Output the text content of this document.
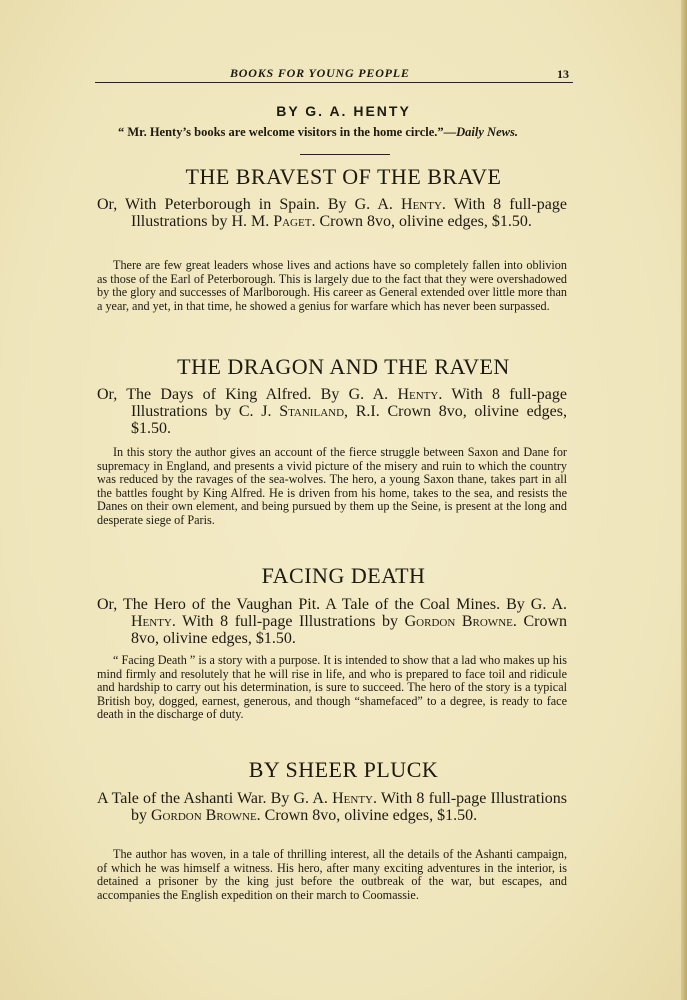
BOOKS FOR YOUNG PEOPLE	13
BY G. A. HENTY
“ Mr. Henty’s books are welcome visitors in the home circle.”—Daily News.
THE BRAVEST OF THE BRAVE
Or, With Peterborough in Spain. By G. A. Henty. With 8 full-page Illustrations by H. M. Paget. Crown 8vo, olivine edges, $1.50.
There are few great leaders whose lives and actions have so completely fallen into oblivion as those of the Earl of Peterborough. This is largely due to the fact that they were overshadowed by the glory and successes of Marlborough. His career as General extended over little more than a year, and yet, in that time, he showed a genius for warfare which has never been surpassed.
THE DRAGON AND THE RAVEN
Or, The Days of King Alfred. By G. A. Henty. With 8 full-page Illustrations by C. J. Staniland, R.I. Crown 8vo, olivine edges, $1.50.
In this story the author gives an account of the fierce struggle between Saxon and Dane for supremacy in England, and presents a vivid picture of the misery and ruin to which the country was reduced by the ravages of the sea-wolves. The hero, a young Saxon thane, takes part in all the battles fought by King Alfred. He is driven from his home, takes to the sea, and resists the Danes on their own element, and being pursued by them up the Seine, is present at the long and desperate siege of Paris.
FACING DEATH
Or, The Hero of the Vaughan Pit. A Tale of the Coal Mines. By G. A. Henty. With 8 full-page Illustrations by Gordon Browne. Crown 8vo, olivine edges, $1.50.
“ Facing Death ” is a story with a purpose. It is intended to show that a lad who makes up his mind firmly and resolutely that he will rise in life, and who is prepared to face toil and ridicule and hardship to carry out his determination, is sure to succeed. The hero of the story is a typical British boy, dogged, earnest, generous, and though “shamefaced” to a degree, is ready to face death in the discharge of duty.
BY SHEER PLUCK
A Tale of the Ashanti War. By G. A. Henty. With 8 full-page Illustrations by Gordon Browne. Crown 8vo, olivine edges, $1.50.
The author has woven, in a tale of thrilling interest, all the details of the Ashanti campaign, of which he was himself a witness. His hero, after many exciting adventures in the interior, is detained a prisoner by the king just before the outbreak of the war, but escapes, and accompanies the English expedition on their march to Coomassie.
